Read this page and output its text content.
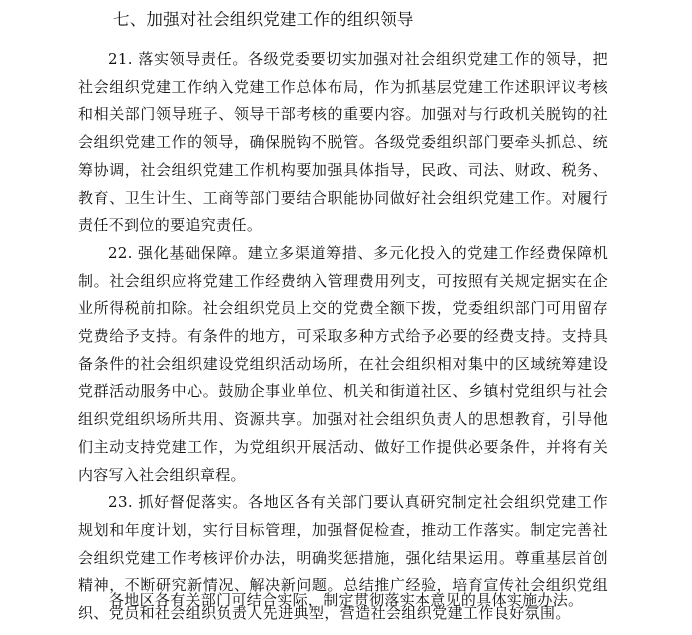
七、加强对社会组织党建工作的组织领导

21. 落实领导责任。各级党委要切实加强对社会组织党建工作的领导，把社会组织党建工作纳入党建工作总体布局，作为抓基层党建工作述职评议考核和相关部门领导班子、领导干部考核的重要内容。加强对与行政机关脱钩的社会组织党建工作的领导，确保脱钩不脱管。各级党委组织部门要牵头抓总、统筹协调，社会组织党建工作机构要加强具体指导，民政、司法、财政、税务、教育、卫生计生、工商等部门要结合职能协同做好社会组织党建工作。对履行责任不到位的要追究责任。

22. 强化基础保障。建立多渠道筹措、多元化投入的党建工作经费保障机制。社会组织应将党建工作经费纳入管理费用列支，可按照有关规定据实在企业所得税前扣除。社会组织党员上交的党费全额下拨，党委组织部门可用留存党费给予支持。有条件的地方，可采取多种方式给予必要的经费支持。支持具备条件的社会组织建设党组织活动场所，在社会组织相对集中的区域统筹建设党群活动服务中心。鼓励企事业单位、机关和街道社区、乡镇村党组织与社会组织党组织场所共用、资源共享。加强对社会组织负责人的思想教育，引导他们主动支持党建工作，为党组织开展活动、做好工作提供必要条件，并将有关内容写入社会组织章程。

23. 抓好督促落实。各地区各有关部门要认真研究制定社会组织党建工作规划和年度计划，实行目标管理，加强督促检查，推动工作落实。制定完善社会组织党建工作考核评价办法，明确奖惩措施，强化结果运用。尊重基层首创精神，不断研究新情况、解决新问题。总结推广经验，培育宣传社会组织党组织、党员和社会组织负责人先进典型，营造社会组织党建工作良好氛围。

各地区各有关部门可结合实际，制定贯彻落实本意见的具体实施办法。
